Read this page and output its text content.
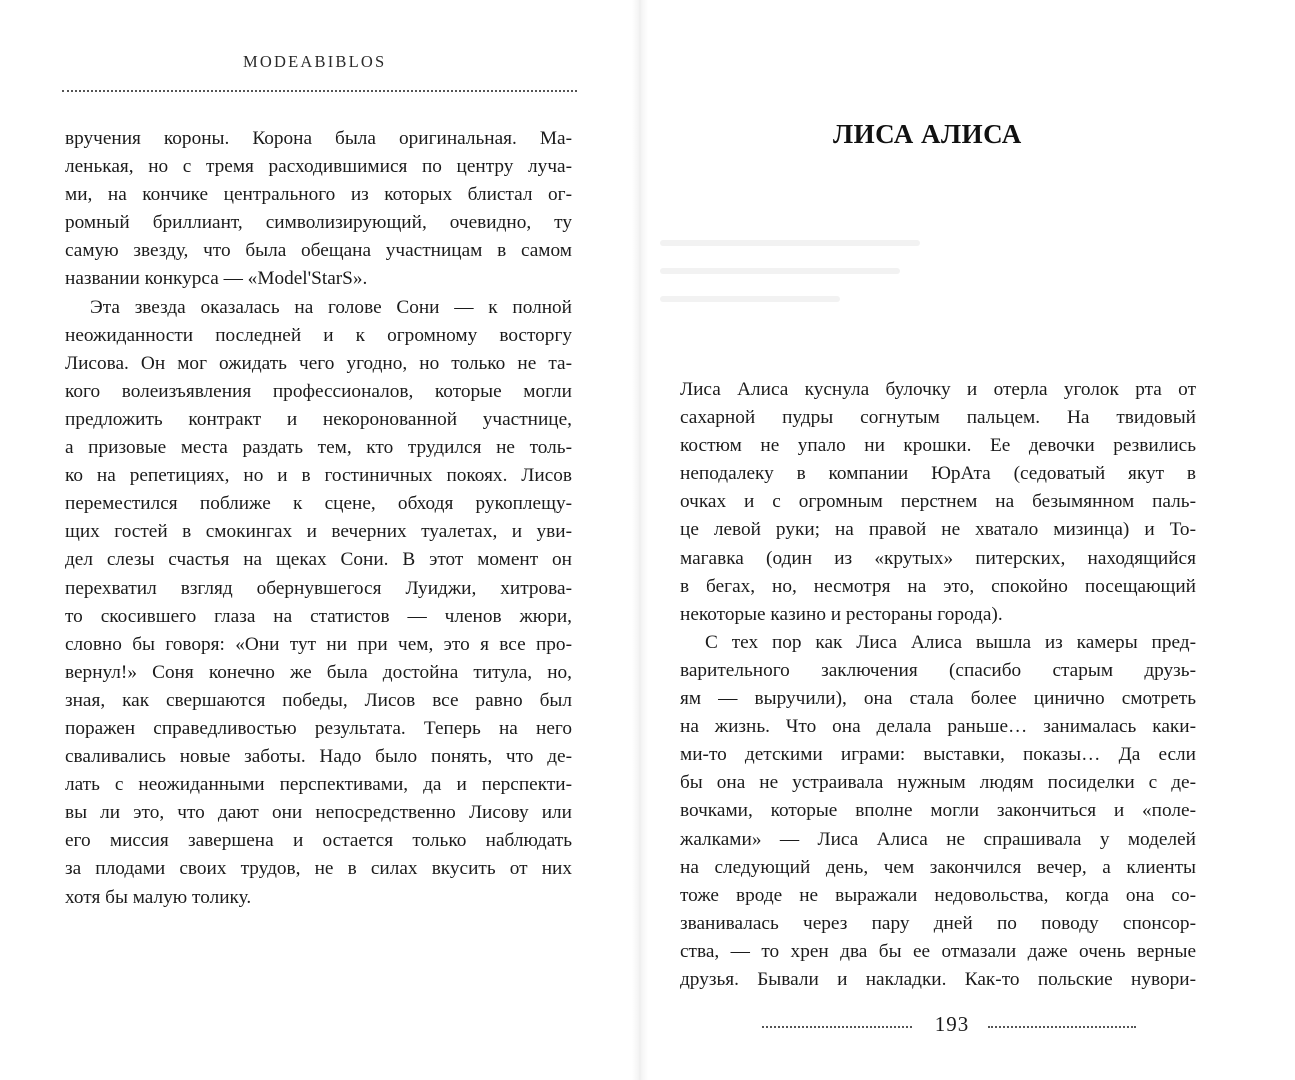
МОDЕАBIBLOS

вручения короны. Корона была оригинальная. Ма-
ленькая, но с тремя расходившимися по центру луча-
ми, на кончике центрального из которых блистал ог-
ромный бриллиант, символизирующий, очевидно, ту
самую звезду, что была обещана участницам в самом
названии конкурса — «Model'StarS».

Эта звезда оказалась на голове Сони — к полной
неожиданности последней и к огромному восторгу
Лисова. Он мог ожидать чего угодно, но только не та-
кого волеизъявления профессионалов, которые могли
предложить контракт и некоронованной участнице,
а призовые места раздать тем, кто трудился не толь-
ко на репетициях, но и в гостиничных покоях. Лисов
переместился поближе к сцене, обходя рукоплещу-
щих гостей в смокингах и вечерних туалетах, и уви-
дел слезы счастья на щеках Сони. В этот момент он
перехватил взгляд обернувшегося Луиджи, хитрова-
то скосившего глаза на статистов — членов жюри,
словно бы говоря: «Они тут ни при чем, это я все про-
вернул!» Соня конечно же была достойна титула, но,
зная, как свершаются победы, Лисов все равно был
поражен справедливостью результата. Теперь на него
сваливались новые заботы. Надо было понять, что де-
лать с неожиданными перспективами, да и перспекти-
вы ли это, что дают они непосредственно Лисову или
его миссия завершена и остается только наблюдать
за плодами своих трудов, не в силах вкусить от них
хотя бы малую толику.

ЛИСА АЛИСА

Лиса Алиса куснула булочку и отерла уголок рта от
сахарной пудры согнутым пальцем. На твидовый
костюм не упало ни крошки. Ее девочки резвились
неподалеку в компании ЮрАта (седоватый якут в
очках и с огромным перстнем на безымянном паль-
це левой руки; на правой не хватало мизинца) и То-
магавка (один из «крутых» питерских, находящийся
в бегах, но, несмотря на это, спокойно посещающий
некоторые казино и рестораны города).

С тех пор как Лиса Алиса вышла из камеры пред-
варительного заключения (спасибо старым друзь-
ям — выручили), она стала более цинично смотреть
на жизнь. Что она делала раньше… занималась каки-
ми-то детскими играми: выставки, показы… Да если
бы она не устраивала нужным людям посиделки с де-
вочками, которые вполне могли закончиться и «поле-
жалками» — Лиса Алиса не спрашивала у моделей
на следующий день, чем закончился вечер, а клиенты
тоже вроде не выражали недовольства, когда она со-
званивалась через пару дней по поводу спонсор-
ства, — то хрен два бы ее отмазали даже очень верные
друзья. Бывали и накладки. Как-то польские нувори-

193
